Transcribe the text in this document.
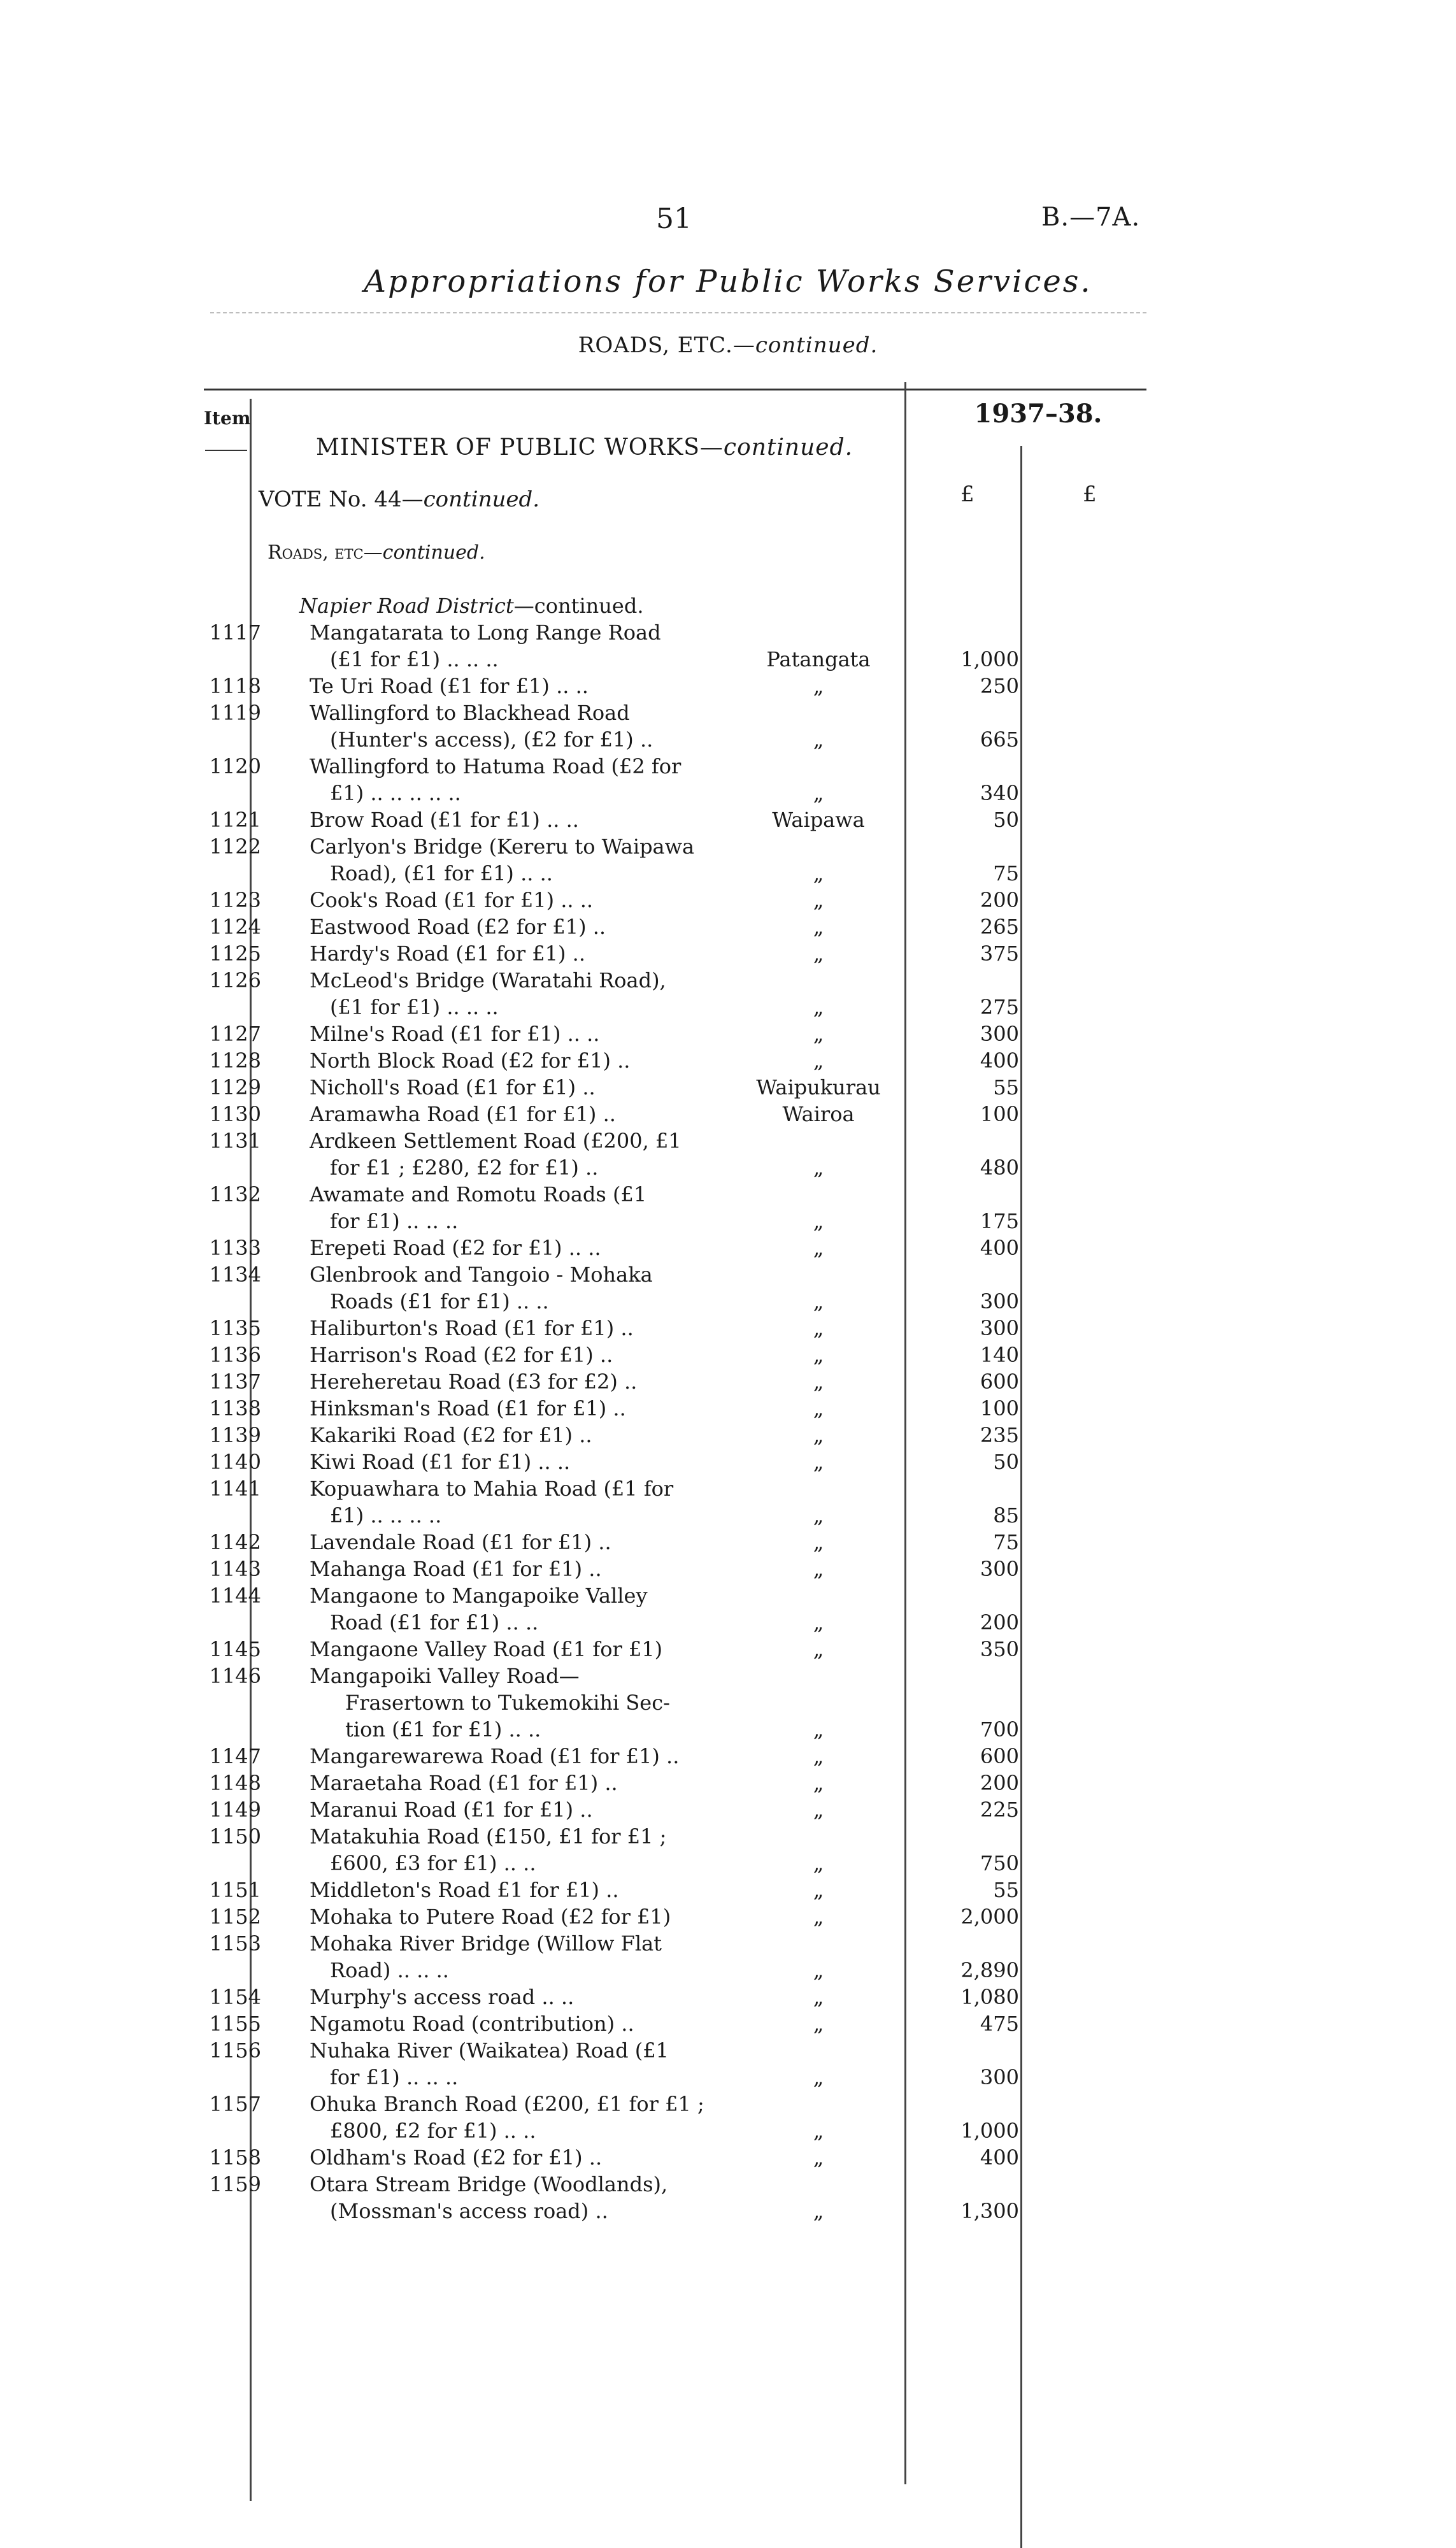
51	B.—7A.
Appropriations for Public Works Services.
ROADS, ETC.—continued.
Item	1937–38.
MINISTER OF PUBLIC WORKS—continued.
VOTE No. 44—continued.	£	£
Roads, etc—continued.
Napier Road District—continued.
1117 Mangatarata to Long Range Road
(£1 for £1) .. .. ..	Patangata	1,000
1118 Te Uri Road (£1 for £1) .. ..	„	250
1119 Wallingford to Blackhead Road
(Hunter's access), (£2 for £1) ..	„	665
1120 Wallingford to Hatuma Road (£2 for
£1) .. .. .. .. ..	„	340
1121 Brow Road (£1 for £1) .. ..	Waipawa	50
1122 Carlyon's Bridge (Kereru to Waipawa
Road), (£1 for £1) .. ..	„	75
1123 Cook's Road (£1 for £1) .. ..	„	200
1124 Eastwood Road (£2 for £1) ..	„	265
1125 Hardy's Road (£1 for £1) ..	„	375
1126 McLeod's Bridge (Waratahi Road),
(£1 for £1) .. .. ..	„	275
1127 Milne's Road (£1 for £1) .. ..	„	300
1128 North Block Road (£2 for £1) ..	„	400
1129 Nicholl's Road (£1 for £1) ..	Waipukurau	55
1130 Aramawha Road (£1 for £1) ..	Wairoa	100
1131 Ardkeen Settlement Road (£200, £1
for £1 ; £280, £2 for £1) ..	„	480
1132 Awamate and Romotu Roads (£1
for £1) .. .. ..	„	175
1133 Erepeti Road (£2 for £1) .. ..	„	400
1134 Glenbrook and Tangoio - Mohaka
Roads (£1 for £1) .. ..	„	300
1135 Haliburton's Road (£1 for £1) ..	„	300
1136 Harrison's Road (£2 for £1) ..	„	140
1137 Hereheretau Road (£3 for £2) ..	„	600
1138 Hinksman's Road (£1 for £1) ..	„	100
1139 Kakariki Road (£2 for £1) ..	„	235
1140 Kiwi Road (£1 for £1) .. ..	„	50
1141 Kopuawhara to Mahia Road (£1 for
£1) .. .. .. ..	„	85
1142 Lavendale Road (£1 for £1) ..	„	75
1143 Mahanga Road (£1 for £1) ..	„	300
1144 Mangaone to Mangapoike Valley
Road (£1 for £1) .. ..	„	200
1145 Mangaone Valley Road (£1 for £1)	„	350
1146 Mangapoiki Valley Road—
Frasertown to Tukemokihi Sec-
tion (£1 for £1) .. ..	„	700
1147 Mangarewarewa Road (£1 for £1) ..	„	600
1148 Maraetaha Road (£1 for £1) ..	„	200
1149 Maranui Road (£1 for £1) ..	„	225
1150 Matakuhia Road (£150, £1 for £1 ;
£600, £3 for £1) .. ..	„	750
1151 Middleton's Road £1 for £1) ..	„	55
1152 Mohaka to Putere Road (£2 for £1)	„	2,000
1153 Mohaka River Bridge (Willow Flat
Road) .. .. ..	„	2,890
1154 Murphy's access road .. ..	„	1,080
1155 Ngamotu Road (contribution) ..	„	475
1156 Nuhaka River (Waikatea) Road (£1
for £1) .. .. ..	„	300
1157 Ohuka Branch Road (£200, £1 for £1 ;
£800, £2 for £1) .. ..	„	1,000
1158 Oldham's Road (£2 for £1) ..	„	400
1159 Otara Stream Bridge (Woodlands),
(Mossman's access road) ..	„	1,300
